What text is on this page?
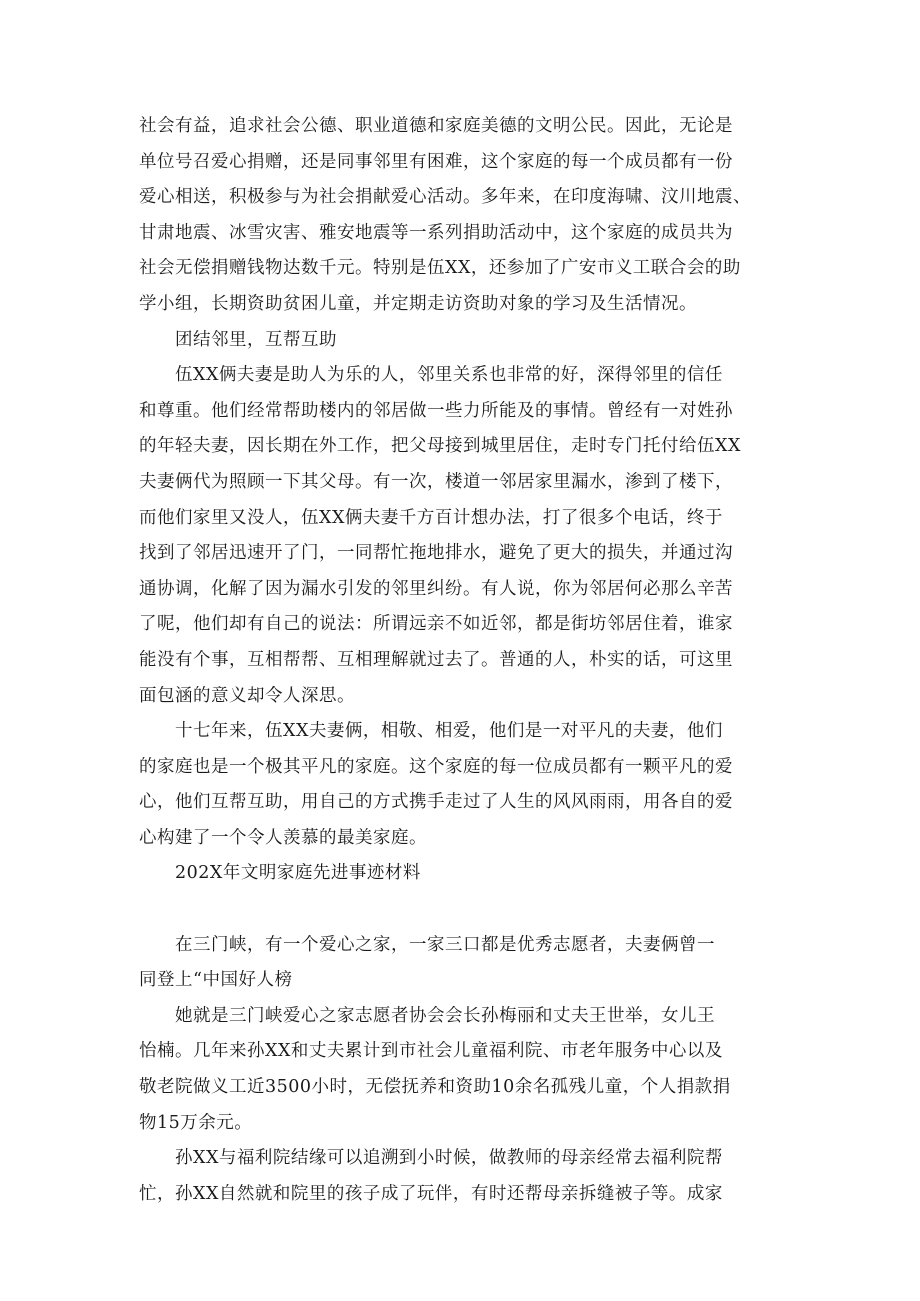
社会有益，追求社会公德、职业道德和家庭美德的文明公民。因此，无论是
单位号召爱心捐赠，还是同事邻里有困难，这个家庭的每一个成员都有一份
爱心相送，积极参与为社会捐献爱心活动。多年来，在印度海啸、汶川地震、
甘肃地震、冰雪灾害、雅安地震等一系列捐助活动中，这个家庭的成员共为
社会无偿捐赠钱物达数千元。特别是伍XX，还参加了广安市义工联合会的助
学小组，长期资助贫困儿童，并定期走访资助对象的学习及生活情况。
团结邻里，互帮互助
伍XX俩夫妻是助人为乐的人，邻里关系也非常的好，深得邻里的信任
和尊重。他们经常帮助楼内的邻居做一些力所能及的事情。曾经有一对姓孙
的年轻夫妻，因长期在外工作，把父母接到城里居住，走时专门托付给伍XX
夫妻俩代为照顾一下其父母。有一次，楼道一邻居家里漏水，渗到了楼下，
而他们家里又没人，伍XX俩夫妻千方百计想办法，打了很多个电话，终于
找到了邻居迅速开了门，一同帮忙拖地排水，避免了更大的损失，并通过沟
通协调，化解了因为漏水引发的邻里纠纷。有人说，你为邻居何必那么辛苦
了呢，他们却有自己的说法：所谓远亲不如近邻，都是街坊邻居住着，谁家
能没有个事，互相帮帮、互相理解就过去了。普通的人，朴实的话，可这里
面包涵的意义却令人深思。
十七年来，伍XX夫妻俩，相敬、相爱，他们是一对平凡的夫妻，他们
的家庭也是一个极其平凡的家庭。这个家庭的每一位成员都有一颗平凡的爱
心，他们互帮互助，用自己的方式携手走过了人生的风风雨雨，用各自的爱
心构建了一个令人羡慕的最美家庭。
202X年文明家庭先进事迹材料
在三门峡，有一个爱心之家，一家三口都是优秀志愿者，夫妻俩曾一
同登上“中国好人榜
她就是三门峡爱心之家志愿者协会会长孙梅丽和丈夫王世举，女儿王
怡楠。几年来孙XX和丈夫累计到市社会儿童福利院、市老年服务中心以及
敬老院做义工近3500小时，无偿抚养和资助10余名孤残儿童，个人捐款捐
物15万余元。
孙XX与福利院结缘可以追溯到小时候，做教师的母亲经常去福利院帮
忙，孙XX自然就和院里的孩子成了玩伴，有时还帮母亲拆缝被子等。成家
